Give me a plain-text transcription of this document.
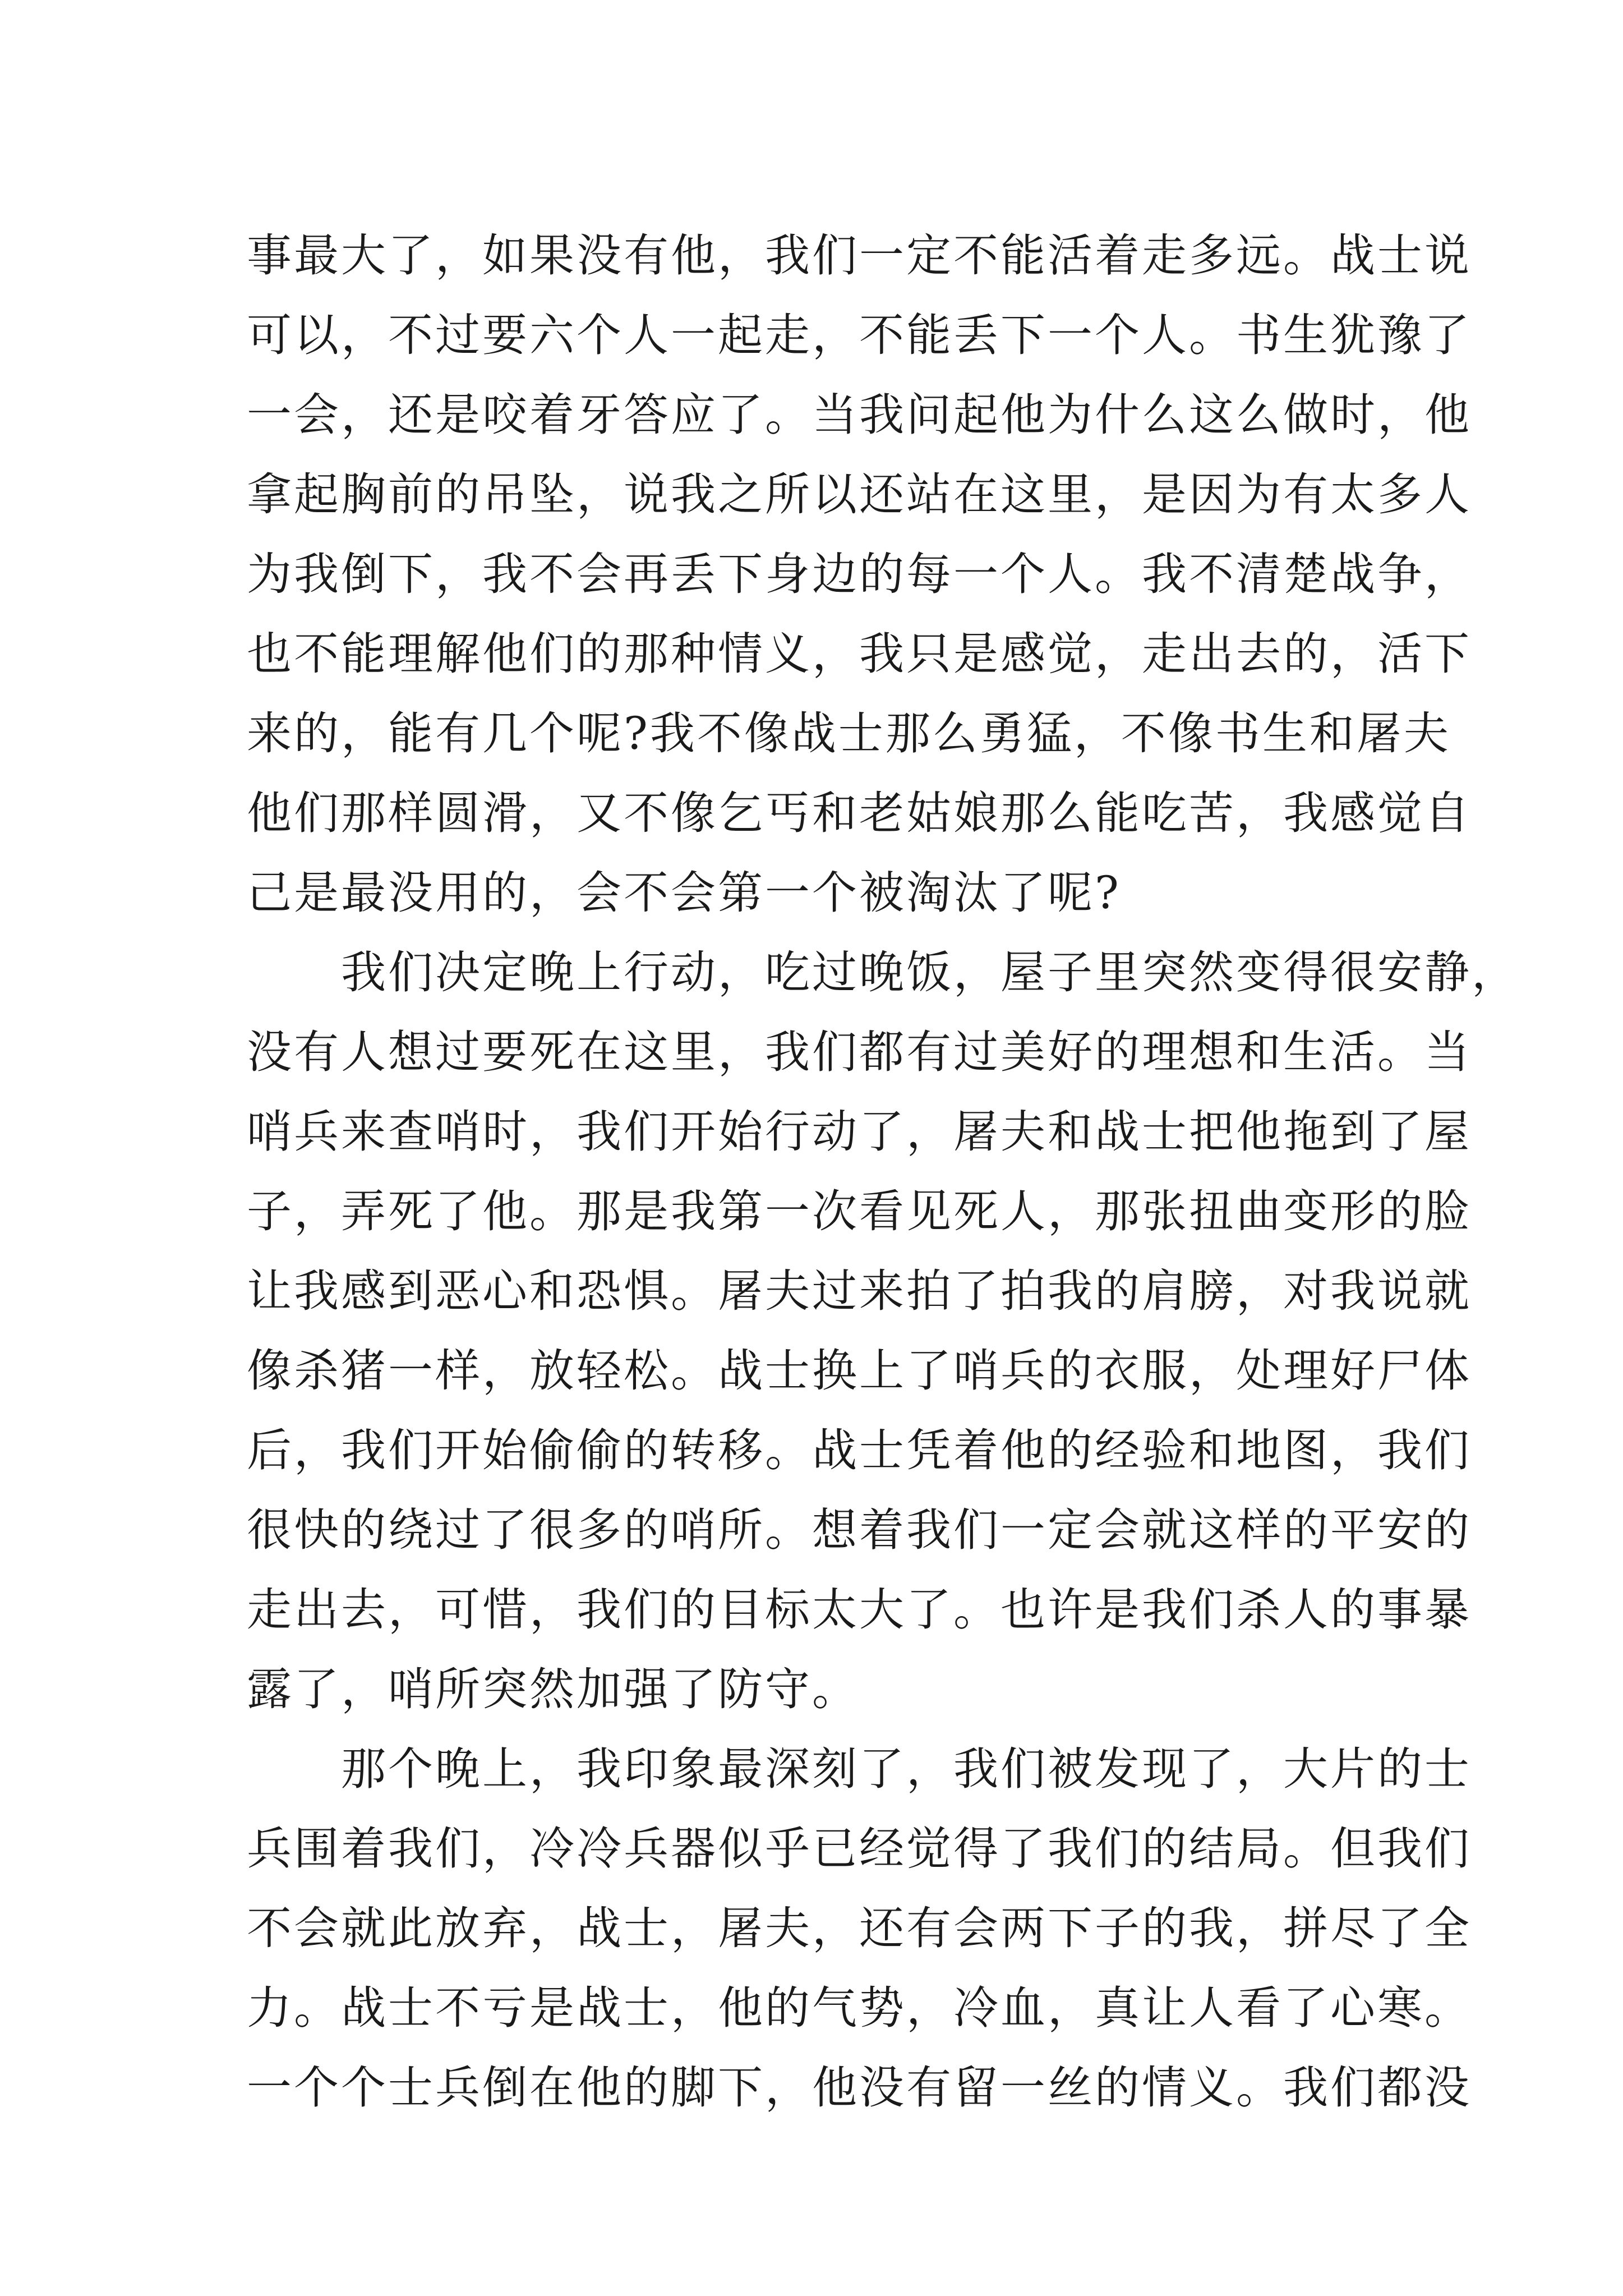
事最大了，如果没有他，我们一定不能活着走多远。战士说
可以，不过要六个人一起走，不能丢下一个人。书生犹豫了
一会，还是咬着牙答应了。当我问起他为什么这么做时，他
拿起胸前的吊坠，说我之所以还站在这里，是因为有太多人
为我倒下，我不会再丢下身边的每一个人。我不清楚战争，
也不能理解他们的那种情义，我只是感觉，走出去的，活下
来的，能有几个呢?我不像战士那么勇猛，不像书生和屠夫
他们那样圆滑，又不像乞丐和老姑娘那么能吃苦，我感觉自
己是最没用的，会不会第一个被淘汰了呢?
　　我们决定晚上行动，吃过晚饭，屋子里突然变得很安静，
没有人想过要死在这里，我们都有过美好的理想和生活。当
哨兵来查哨时，我们开始行动了，屠夫和战士把他拖到了屋
子，弄死了他。那是我第一次看见死人，那张扭曲变形的脸
让我感到恶心和恐惧。屠夫过来拍了拍我的肩膀，对我说就
像杀猪一样，放轻松。战士换上了哨兵的衣服，处理好尸体
后，我们开始偷偷的转移。战士凭着他的经验和地图，我们
很快的绕过了很多的哨所。想着我们一定会就这样的平安的
走出去，可惜，我们的目标太大了。也许是我们杀人的事暴
露了，哨所突然加强了防守。
　　那个晚上，我印象最深刻了，我们被发现了，大片的士
兵围着我们，冷冷兵器似乎已经觉得了我们的结局。但我们
不会就此放弃，战士，屠夫，还有会两下子的我，拼尽了全
力。战士不亏是战士，他的气势，冷血，真让人看了心寒。
一个个士兵倒在他的脚下，他没有留一丝的情义。我们都没
